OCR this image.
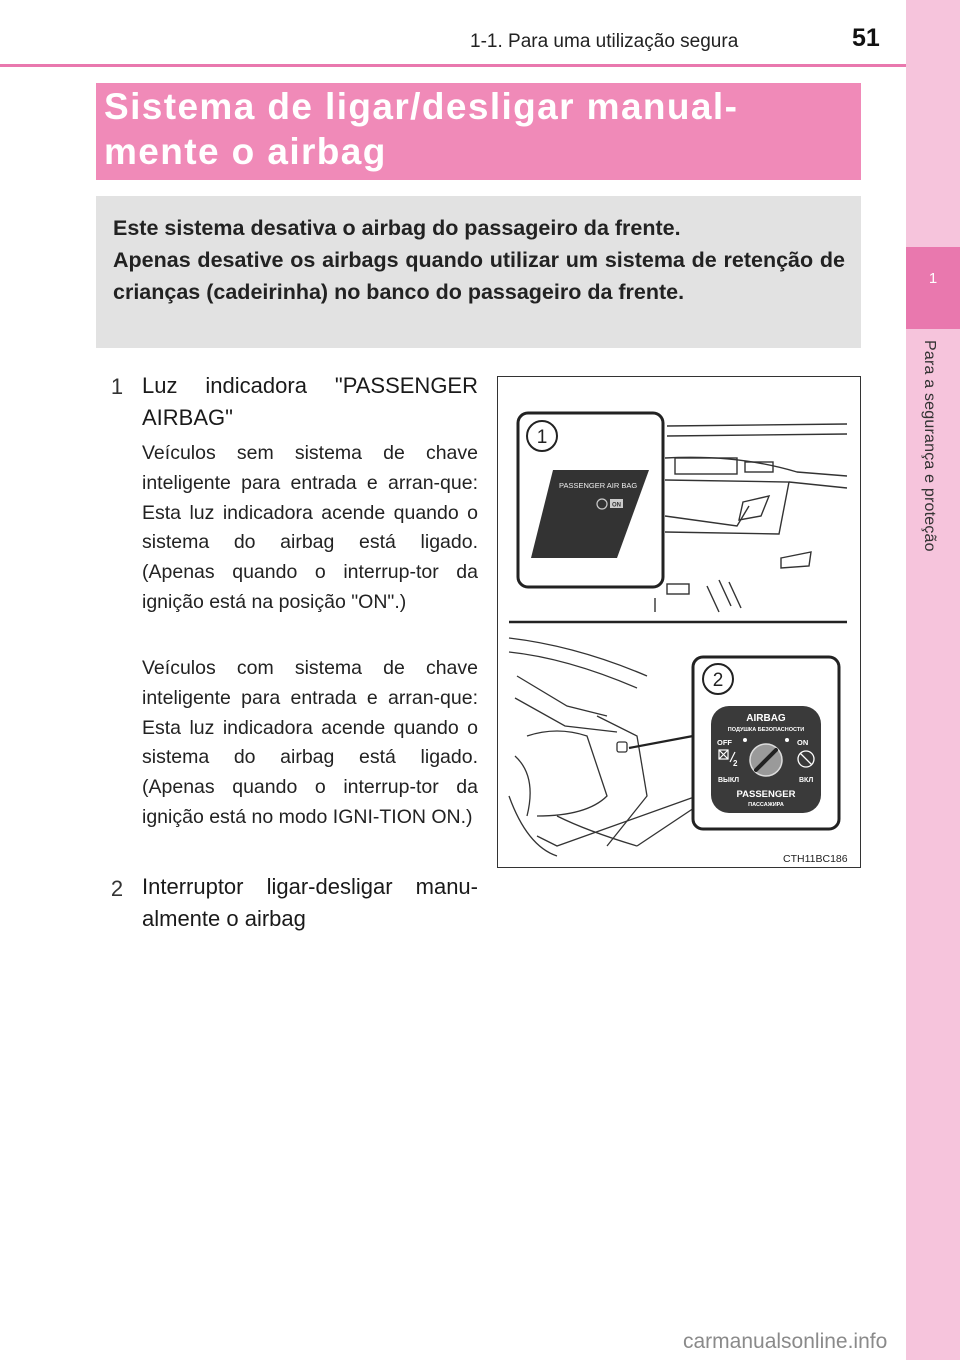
1
Para a segurança e proteção
1-1. Para uma utilização segura	51
Sistema de ligar/desligar manual-
mente o airbag

Este sistema desativa o airbag do passageiro da frente.

Apenas desative os airbags quando utilizar um sistema de retenção de crianças (cadeirinha) no banco do passageiro da frente.

1 Luz indicadora "PASSENGER AIRBAG"
Veículos sem sistema de chave inteligente para entrada e arran-que: Esta luz indicadora acende quando o sistema do airbag está ligado. (Apenas quando o interrup-tor da ignição está na posição "ON".)
Veículos com sistema de chave inteligente para entrada e arran-que: Esta luz indicadora acende quando o sistema do airbag está ligado. (Apenas quando o interrup-tor da ignição está no modo IGNI-TION ON.)
2 Interruptor ligar-desligar manu-almente o airbag
1
PASSENGER AIR BAG
ON
2
AIRBAG
ПОДУШКА БЕЗОПАСНОСТИ
OFF	ON
2
ВЫКЛ	ВКЛ
PASSENGER
ПАССАЖИРА
CTH11BC186
carmanualsonline.info
